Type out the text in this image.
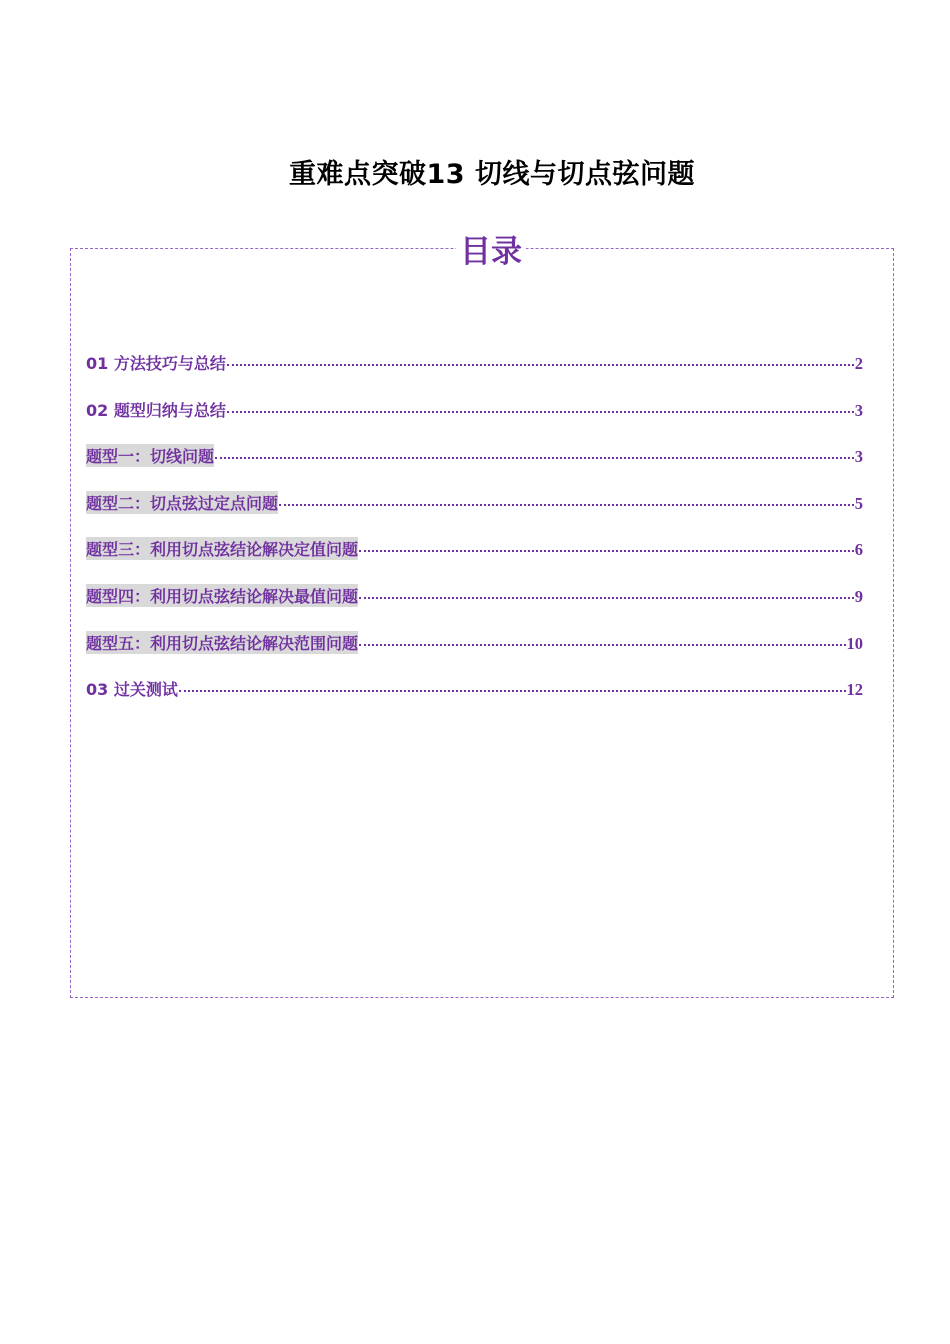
重难点突破13 切线与切点弦问题
目录
01 方法技巧与总结	2
02 题型归纳与总结	3
题型一：切线问题	3
题型二：切点弦过定点问题	5
题型三：利用切点弦结论解决定值问题	6
题型四：利用切点弦结论解决最值问题	9
题型五：利用切点弦结论解决范围问题	10
03 过关测试	12
